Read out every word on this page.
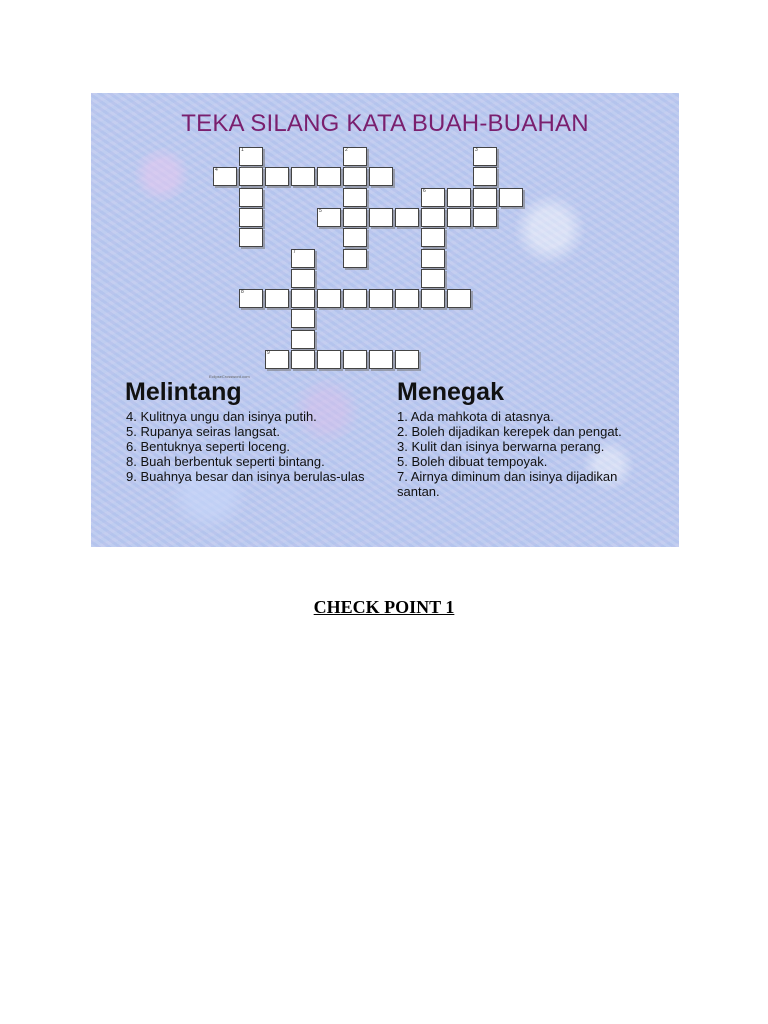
TEKA SILANG KATA BUAH-BUAHAN
1	2	3
4
5
6
7
8
9
EclipseCrossword.com
Melintang
4. Kulitnya ungu dan isinya putih.
5. Rupanya seiras langsat.
6. Bentuknya seperti loceng.
8. Buah berbentuk seperti bintang.
9. Buahnya besar dan isinya berulas-ulas
Menegak
1. Ada mahkota di atasnya.
2. Boleh dijadikan kerepek dan pengat.
3. Kulit dan isinya berwarna perang.
5. Boleh dibuat tempoyak.
7. Airnya diminum dan isinya dijadikan santan.
CHECK POINT 1
